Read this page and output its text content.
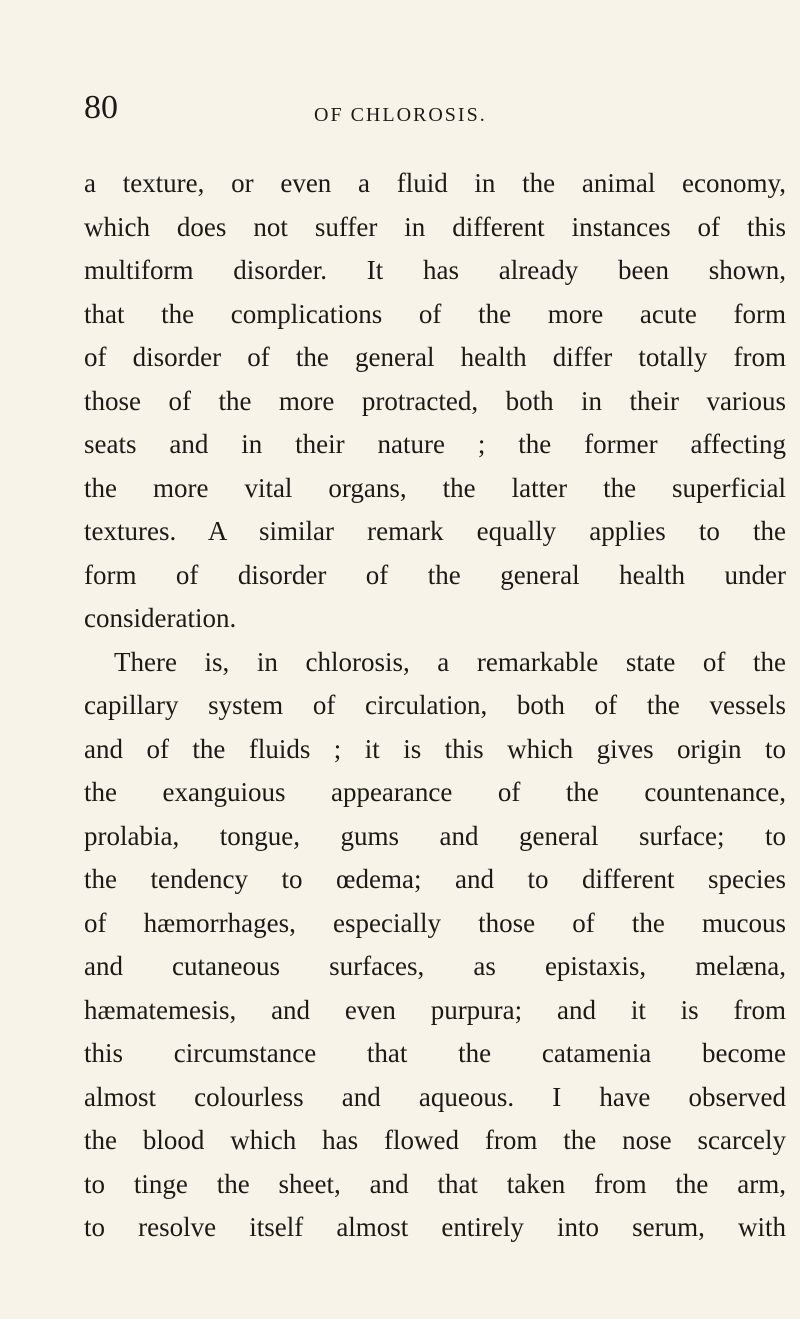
80	OF CHLOROSIS.
a texture, or even a fluid in the animal economy,
which does not suffer in different instances of this
multiform disorder. It has already been shown,
that the complications of the more acute form
of disorder of the general health differ totally from
those of the more protracted, both in their various
seats and in their nature ; the former affecting
the more vital organs, the latter the superficial
textures. A similar remark equally applies to the
form of disorder of the general health under
consideration.
There is, in chlorosis, a remarkable state of the
capillary system of circulation, both of the vessels
and of the fluids ; it is this which gives origin to
the exanguious appearance of the countenance,
prolabia, tongue, gums and general surface; to
the tendency to œdema; and to different species
of hæmorrhages, especially those of the mucous
and cutaneous surfaces, as epistaxis, melæna,
hæmatemesis, and even purpura; and it is from
this circumstance that the catamenia become
almost colourless and aqueous. I have observed
the blood which has flowed from the nose scarcely
to tinge the sheet, and that taken from the arm,
to resolve itself almost entirely into serum, with
